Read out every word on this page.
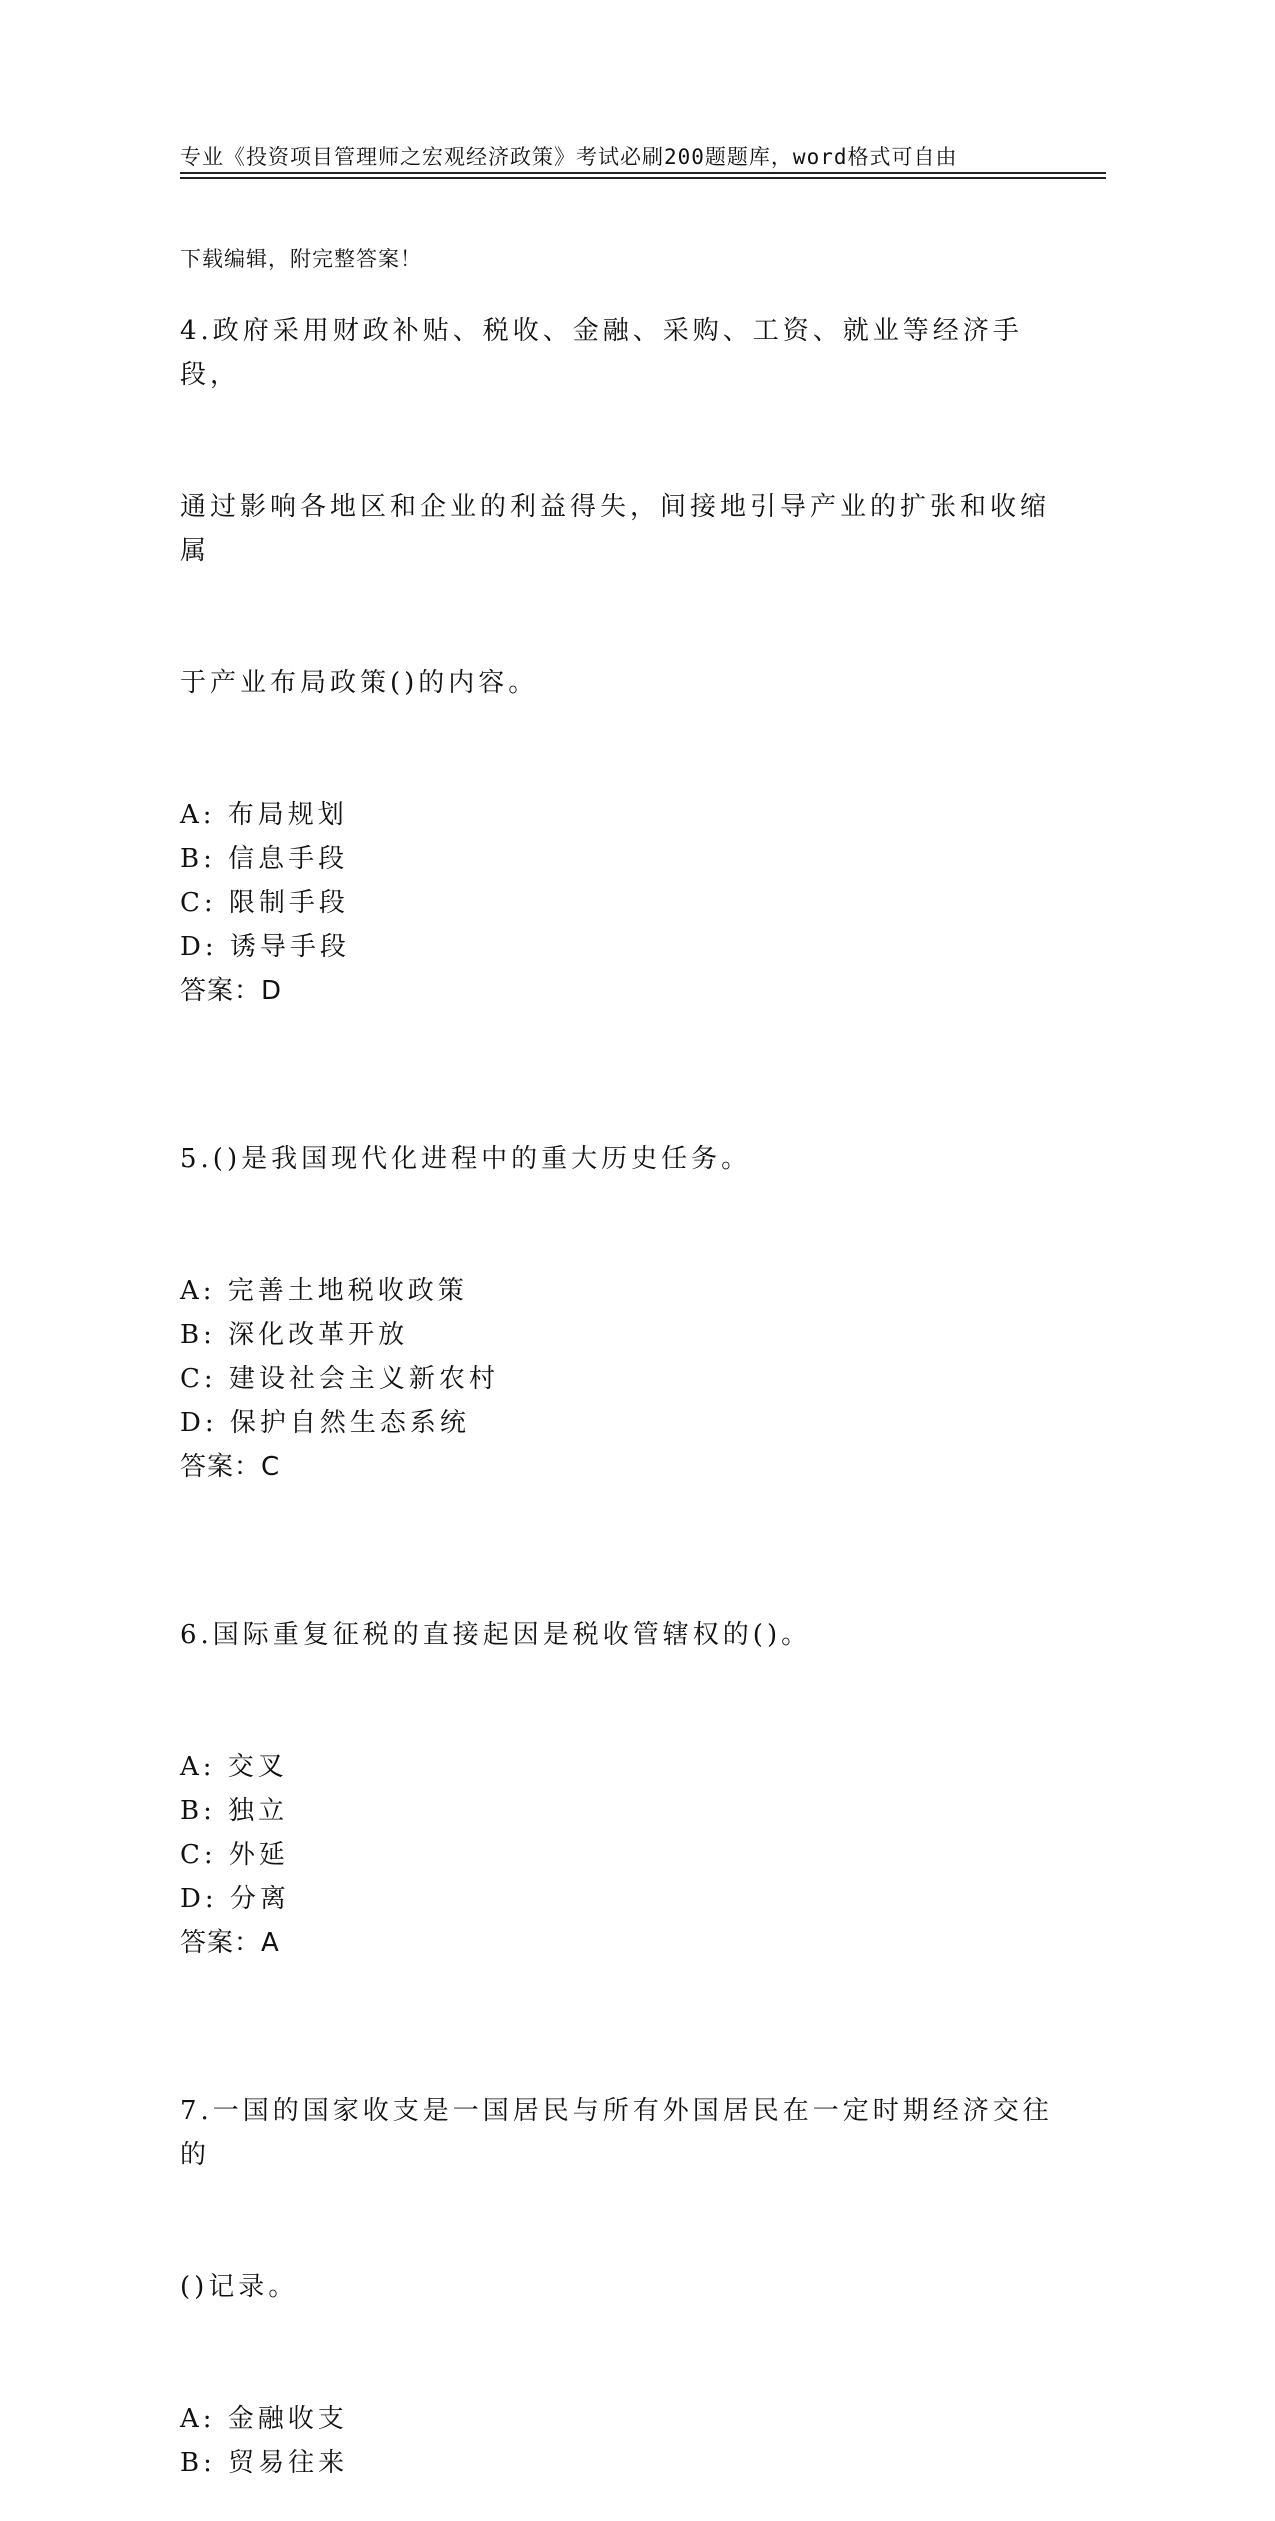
专业《投资项目管理师之宏观经济政策》考试必刷200题题库，word格式可自由

下载编辑，附完整答案！

4.政府采用财政补贴、税收、金融、采购、工资、就业等经济手段，

通过影响各地区和企业的利益得失，间接地引导产业的扩张和收缩属

于产业布局政策()的内容。

A: 布局规划
B: 信息手段
C: 限制手段
D: 诱导手段
答案：D

5.()是我国现代化进程中的重大历史任务。

A: 完善土地税收政策
B: 深化改革开放
C: 建设社会主义新农村
D: 保护自然生态系统
答案：C

6.国际重复征税的直接起因是税收管辖权的()。

A: 交叉
B: 独立
C: 外延
D: 分离
答案：A

7.一国的国家收支是一国居民与所有外国居民在一定时期经济交往的

()记录。

A: 金融收支
B: 贸易往来
